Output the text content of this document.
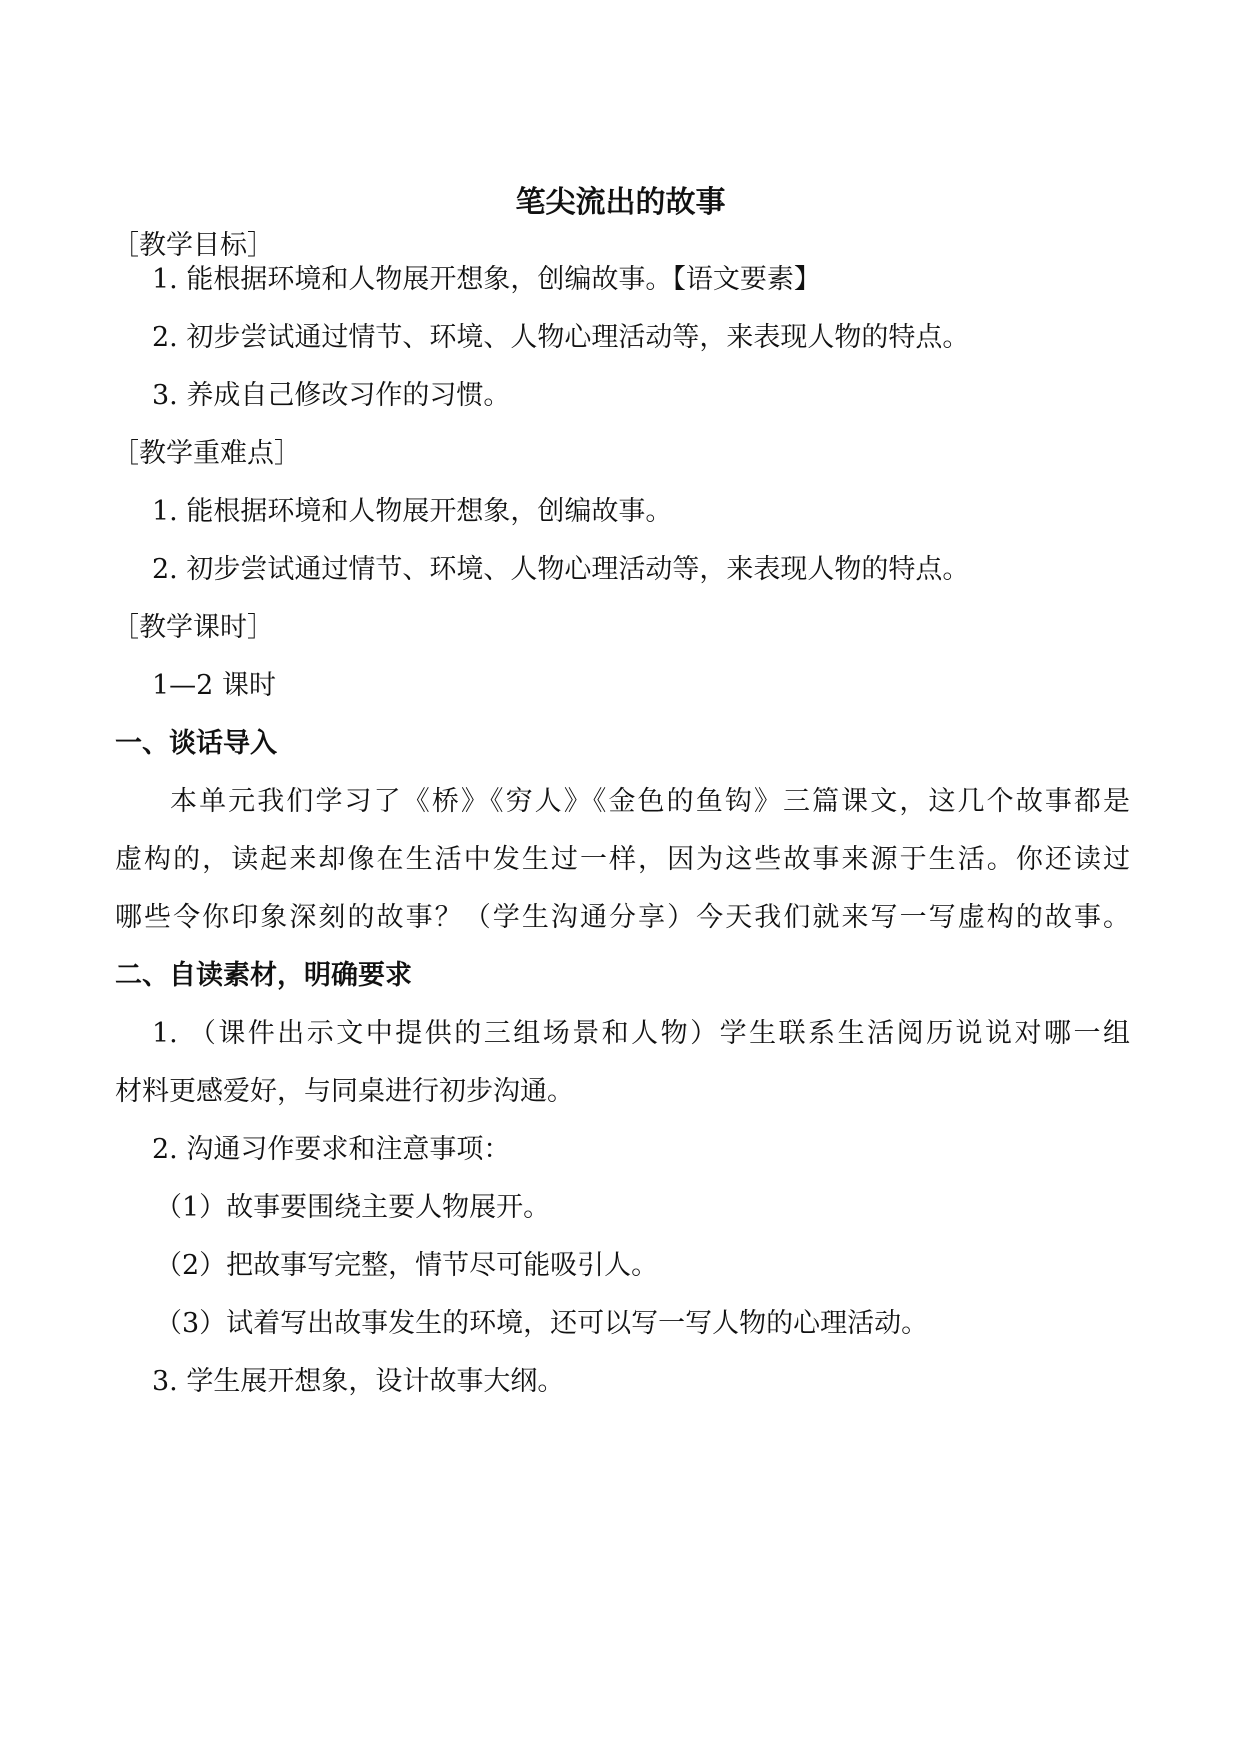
笔尖流出的故事

［教学目标］

1. 能根据环境和人物展开想象，创编故事。【语文要素】

2. 初步尝试通过情节、环境、人物心理活动等，来表现人物的特点。

3. 养成自己修改习作的习惯。

［教学重难点］

1. 能根据环境和人物展开想象，创编故事。

2. 初步尝试通过情节、环境、人物心理活动等，来表现人物的特点。

［教学课时］

1—2 课时

一、谈话导入

本单元我们学习了《桥》《穷人》《金色的鱼钩》三篇课文，这几个故事都是

虚构的，读起来却像在生活中发生过一样，因为这些故事来源于生活。你还读过

哪些令你印象深刻的故事？（学生沟通分享）今天我们就来写一写虚构的故事。

二、自读素材，明确要求

1. （课件出示文中提供的三组场景和人物）学生联系生活阅历说说对哪一组

材料更感爱好，与同桌进行初步沟通。

2. 沟通习作要求和注意事项：

（1）故事要围绕主要人物展开。

（2）把故事写完整，情节尽可能吸引人。

（3）试着写出故事发生的环境，还可以写一写人物的心理活动。

3. 学生展开想象，设计故事大纲。
